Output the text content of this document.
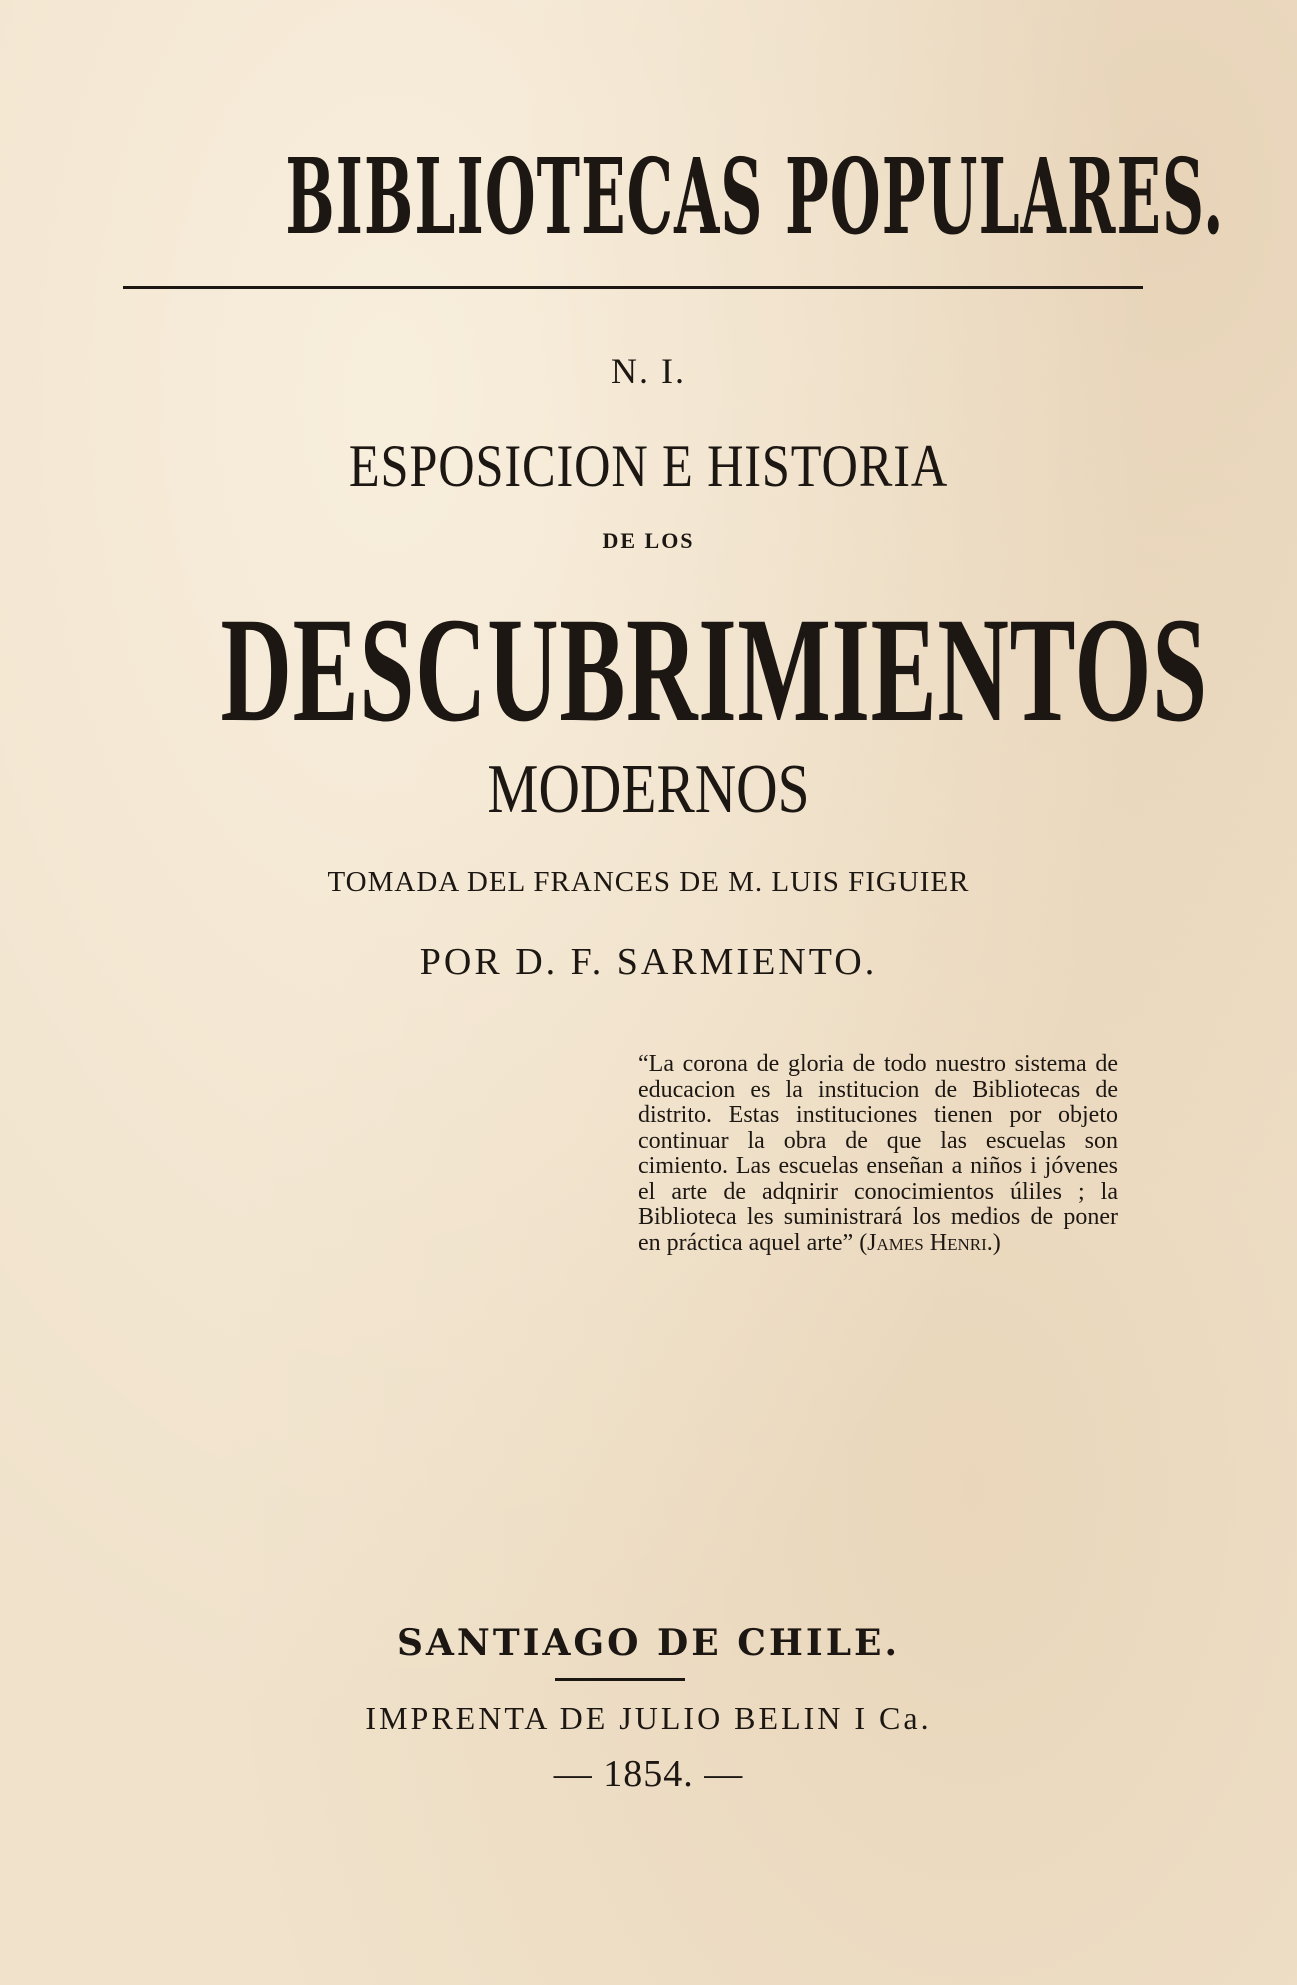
BIBLIOTECAS POPULARES.
N. I.
ESPOSICION E HISTORIA
DE LOS
DESCUBRIMIENTOS
MODERNOS
TOMADA DEL FRANCES DE M. LUIS FIGUIER
POR D. F. SARMIENTO.
“La corona de gloria de todo nuestro sistema de educacion es la institucion de Bibliotecas de distrito. Estas instituciones tienen por objeto continuar la obra de que las escuelas son cimiento. Las escuelas enseñan a niños i jóvenes el arte de adqnirir conocimientos úliles ; la Biblioteca les suministrará los medios de poner en práctica aquel arte” (James Henri.)
SANTIAGO DE CHILE.
IMPRENTA DE JULIO BELIN I Ca.
— 1854. —
